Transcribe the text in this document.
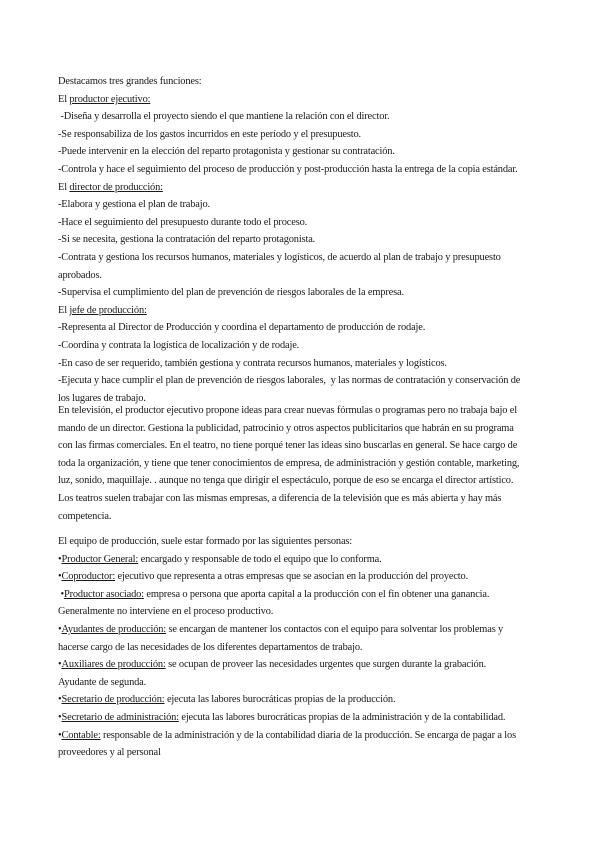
Destacamos tres grandes funciones:
El productor ejecutivo:
-Diseña y desarrolla el proyecto siendo el que mantiene la relación con el director.
-Se responsabiliza de los gastos incurridos en este período y el presupuesto.
-Puede intervenir en la elección del reparto protagonista y gestionar su contratación.
-Controla y hace el seguimiento del proceso de producción y post-producción hasta la entrega de la copia estándar.
El director de producción:
-Elabora y gestiona el plan de trabajo.
-Hace el seguimiento del presupuesto durante todo el proceso.
-Si se necesita, gestiona la contratación del reparto protagonista.
-Contrata y gestiona los recursos humanos, materiales y logísticos, de acuerdo al plan de trabajo y presupuesto
aprobados.
-Supervisa el cumplimiento del plan de prevención de riesgos laborales de la empresa.
El jefe de producción:
-Representa al Director de Producción y coordina el departamento de producción de rodaje.
-Coordina y contrata la logística de localización y de rodaje.
-En caso de ser requerido, también gestiona y contrata recursos humanos, materiales y logísticos.
-Ejecuta y hace cumplir el plan de prevención de riesgos laborales,  y las normas de contratación y conservación de
los lugares de trabajo.
En televisión, el productor ejecutivo propone ideas para crear nuevas fórmulas o programas pero no trabaja bajo el
mando de un director. Gestiona la publicidad, patrocinio y otros aspectos publicitarios que habrán en su programa
con las firmas comerciales. En el teatro, no tiene porqué tener las ideas sino buscarlas en general. Se hace cargo de
toda la organización, y tiene que tener conocimientos de empresa, de administración y gestión contable, marketing,
luz, sonido, maquillaje. . aunque no tenga que dirigir el espectáculo, porque de eso se encarga el director artístico.
Los teatros suelen trabajar con las mismas empresas, a diferencia de la televisión que es más abierta y hay más
competencia.
El equipo de producción, suele estar formado por las siguientes personas:
•Productor General: encargado y responsable de todo el equipo que lo conforma.
•Coproductor: ejecutivo que representa a otras empresas que se asocian en la producción del proyecto.
•Productor asociado: empresa o persona que aporta capital a la producción con el fin obtener una ganancia.
Generalmente no interviene en el proceso productivo.
•Ayudantes de producción: se encargan de mantener los contactos con el equipo para solventar los problemas y
hacerse cargo de las necesidades de los diferentes departamentos de trabajo.
•Auxiliares de producción: se ocupan de proveer las necesidades urgentes que surgen durante la grabación.
Ayudante de segunda.
•Secretario de producción: ejecuta las labores burocráticas propias de la producción.
•Secretario de administración: ejecuta las labores burocráticas propias de la administración y de la contabilidad.
•Contable: responsable de la administración y de la contabilidad diaria de la producción. Se encarga de pagar a los
proveedores y al personal
